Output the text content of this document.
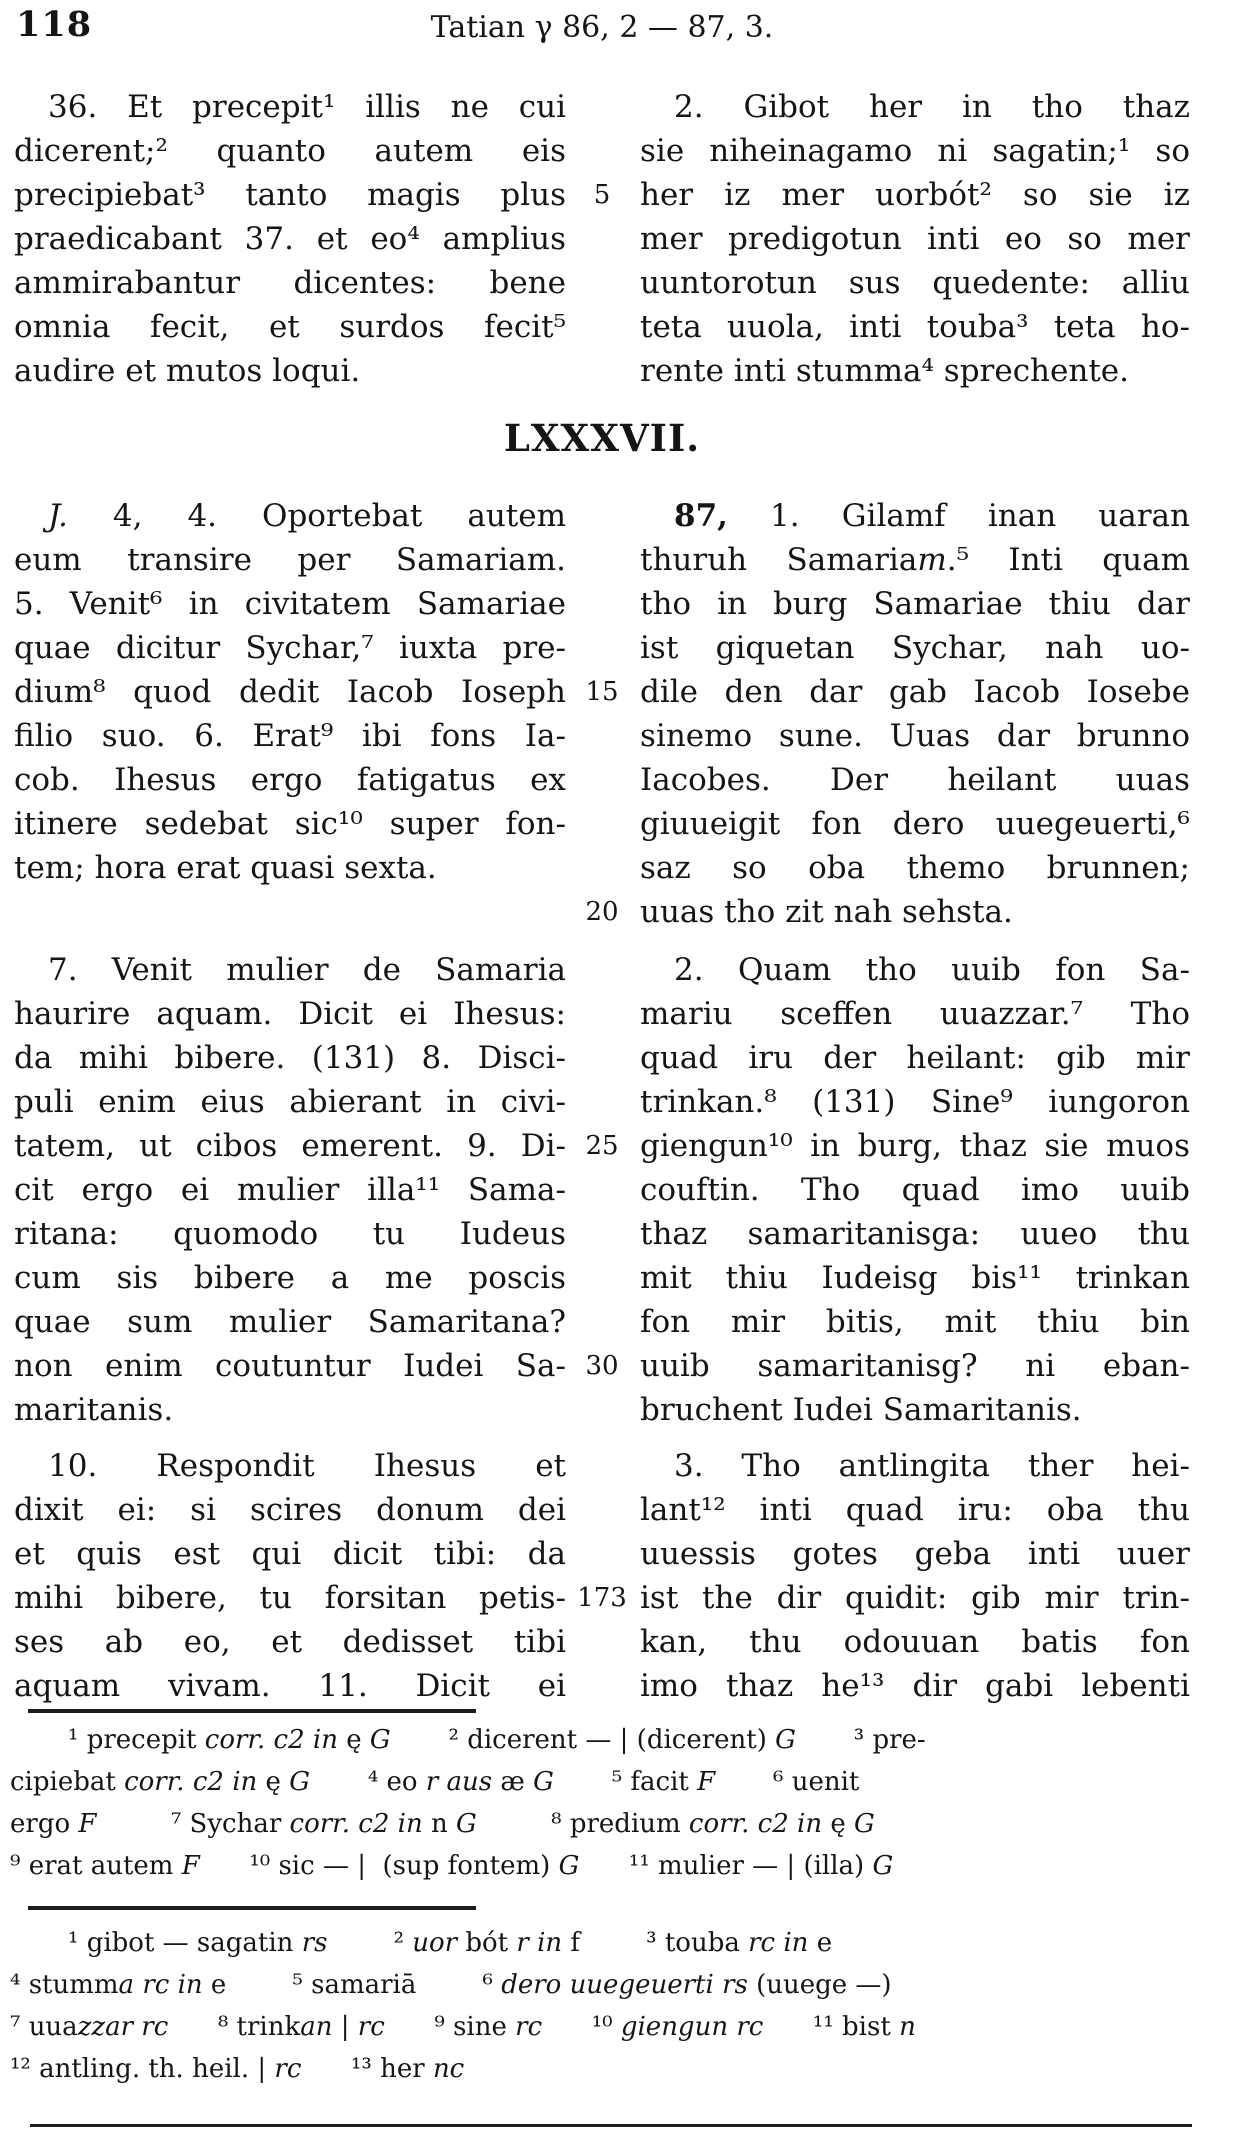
118	Tatian γ 86, 2 — 87, 3.
LXXXVII.
36. Et precepit¹ illis ne cui
dicerent;² quanto autem eis
precipiebat³ tanto magis plus
praedicabant 37. et eo⁴ amplius
ammirabantur dicentes: bene
omnia fecit, et surdos fecit⁵
audire et mutos loqui.
J. 4, 4. Oportebat autem
eum transire per Samariam.
5. Venit⁶ in civitatem Samariae
quae dicitur Sychar,⁷ iuxta pre-
dium⁸ quod dedit Iacob Ioseph
filio suo. 6. Erat⁹ ibi fons Ia-
cob. Ihesus ergo fatigatus ex
itinere sedebat sic¹⁰ super fon-
tem; hora erat quasi sexta.
7. Venit mulier de Samaria
haurire aquam. Dicit ei Ihesus:
da mihi bibere. (131) 8. Disci-
puli enim eius abierant in civi-
tatem, ut cibos emerent. 9. Di-
cit ergo ei mulier illa¹¹ Sama-
ritana: quomodo tu Iudeus
cum sis bibere a me poscis
quae sum mulier Samaritana?
non enim coutuntur Iudei Sa-
maritanis.
10. Respondit Ihesus et
dixit ei: si scires donum dei
et quis est qui dicit tibi: da
mihi bibere, tu forsitan petis-
ses ab eo, et dedisset tibi
aquam vivam. 11. Dicit ei
2. Gibot her in tho thaz
sie niheinagamo ni sagatin;¹ so
her iz mer uorbót² so sie iz
mer predigotun inti eo so mer
uuntorotun sus quedente: alliu
teta uuola, inti touba³ teta ho-
rente inti stumma⁴ sprechente.
87, 1. Gilamf inan uaran
thuruh Samariam.⁵ Inti quam
tho in burg Samariae thiu dar
ist giquetan Sychar, nah uo-
dile den dar gab Iacob Iosebe
sinemo sune. Uuas dar brunno
Iacobes. Der heilant uuas
giuueigit fon dero uuegeuerti,⁶
saz so oba themo brunnen;
uuas tho zit nah sehsta.
2. Quam tho uuib fon Sa-
mariu sceffen uuazzar.⁷ Tho
quad iru der heilant: gib mir
trinkan.⁸ (131) Sine⁹ iungoron
giengun¹⁰ in burg, thaz sie muos
couftin. Tho quad imo uuib
thaz samaritanisga: uueo thu
mit thiu Iudeisg bis¹¹ trinkan
fon mir bitis, mit thiu bin
uuib samaritanisg? ni eban-
bruchent Iudei Samaritanis.
3. Tho antlingita ther hei-
lant¹² inti quad iru: oba thu
uuessis gotes geba inti uuer
ist the dir quidit: gib mir trin-
kan, thu odouuan batis fon
imo thaz he¹³ dir gabi lebenti
5
15
20
25
30
173
¹ precepit corr. c2 in ę G       ² dicerent — | (dicerent) G       ³ pre-
cipiebat corr. c2 in ę G       ⁴ eo r aus æ G       ⁵ facit F       ⁶ uenit
ergo F         ⁷ Sychar corr. c2 in n G         ⁸ predium corr. c2 in ę G
⁹ erat autem F      ¹⁰ sic — |  (sup fontem) G      ¹¹ mulier — | (illa) G
¹ gibot — sagatin rs        ² uor bót r in f        ³ touba rc in e
⁴ stumma rc in e        ⁵ samariā        ⁶ dero uuegeuerti rs (uuege —)
⁷ uuazzar rc      ⁸ trinkan | rc      ⁹ sine rc      ¹⁰ giengun rc      ¹¹ bist n
¹² antling. th. heil. | rc      ¹³ her nc
